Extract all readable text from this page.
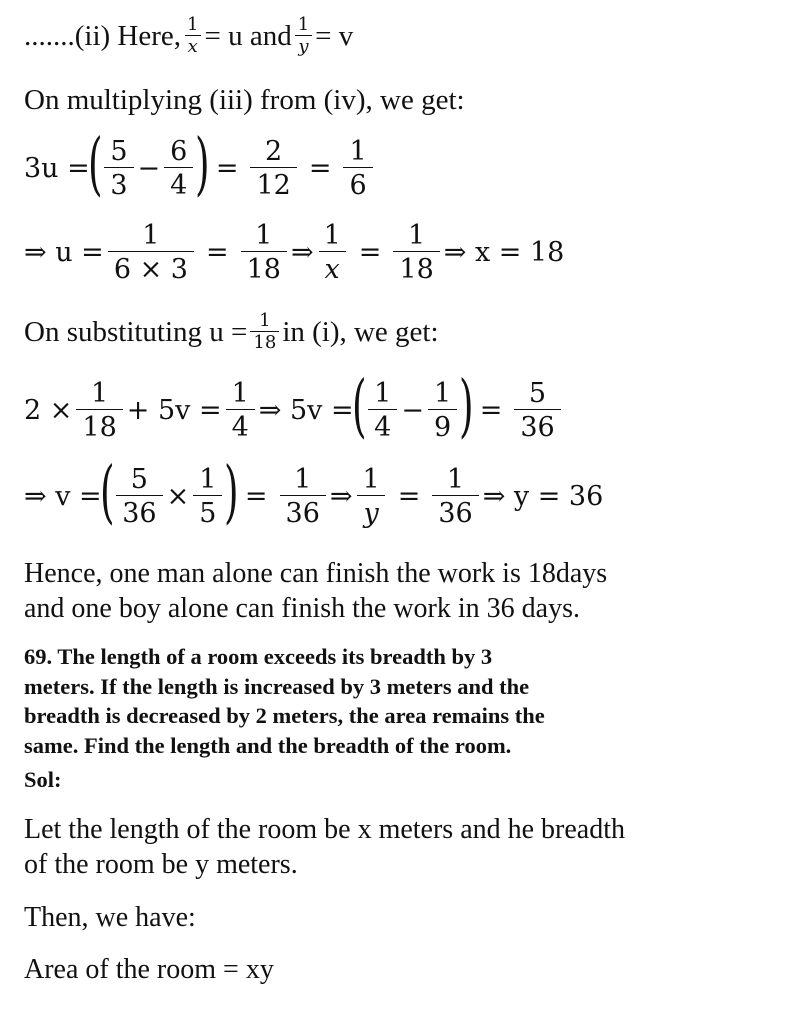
.......(ii) Here, $\frac{1}{x} = u$ and $\frac{1}{y} = v$
On multiplying (iii) from (iv), we get:
3u =
( $\frac{5}{3} - \frac{6}{4}$ ) = $\frac{2}{12} = \frac{1}{6}$
⇒ $u = \frac{1}{6 \times 3} = \frac{1}{18}$ ⇒ $\frac{1}{x} = \frac{1}{18}$ ⇒ x = 18
On substituting $u = \frac{1}{18}$ in (i), we get:
$2 \times \frac{1}{18} + 5v = \frac{1}{4}$ ⇒ 5v =
( $\frac{1}{4} - \frac{1}{9}$ ) = $\frac{5}{36}$
⇒ v =
( $\frac{5}{36} \times \frac{1}{5}$ ) = $\frac{1}{36}$ ⇒ $\frac{1}{y} = \frac{1}{36}$ ⇒ y = 36
Hence, one man alone can finish the work is 18days
and one boy alone can finish the work in 36 days.
69. The length of a room exceeds its breadth by 3
meters. If the length is increased by 3 meters and the
breadth is decreased by 2 meters, the area remains the
same. Find the length and the breadth of the room.
Sol:
Let the length of the room be x meters and he breadth
of the room be y meters.
Then, we have:
Area of the room = xy
